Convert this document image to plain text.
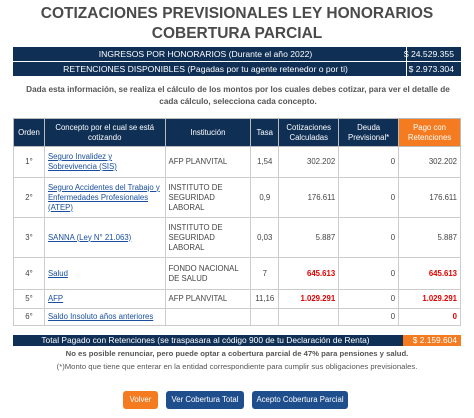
COTIZACIONES PREVISIONALES LEY HONORARIOS
COBERTURA PARCIAL
INGRESOS POR HONORARIOS (Durante el año 2022)	$ 24.529.355
RETENCIONES DISPONIBLES (Pagadas por tu agente retenedor o por ti)	$ 2.973.304
Dada esta información, se realiza el cálculo de los montos por los cuales debes cotizar, para ver el detalle de cada cálculo, selecciona cada concepto.
Orden	Concepto por el cual se está cotizando	Institución	Tasa	Cotizaciones Calculadas	Deuda Previsional*	Pago con Retenciones
1°	Seguro Invalidez y Sobrevivencia (SIS)	AFP PLANVITAL	1,54	302.202	0	302.202
2°	Seguro Accidentes del Trabajo y Enfermedades Profesionales (ATEP)	INSTITUTO DE SEGURIDAD LABORAL	0,9	176.611	0	176.611
3°	SANNA (Ley N° 21.063)	INSTITUTO DE SEGURIDAD LABORAL	0,03	5.887	0	5.887
4°	Salud	FONDO NACIONAL DE SALUD	7	645.613	0	645.613
5°	AFP	AFP PLANVITAL	11,16	1.029.291	0	1.029.291
6°	Saldo Insoluto años anteriores				0	0
Total Pagado con Retenciones (se traspasara al código 900 de tu Declaración de Renta)	$ 2.159.604
No es posible renunciar, pero puede optar a cobertura parcial de 47% para pensiones y salud.
(*)Monto que tiene que enterar en la entidad correspondiente para cumplir sus obligaciones previsionales.
Volver	Ver Cobertura Total	Acepto Cobertura Parcial
